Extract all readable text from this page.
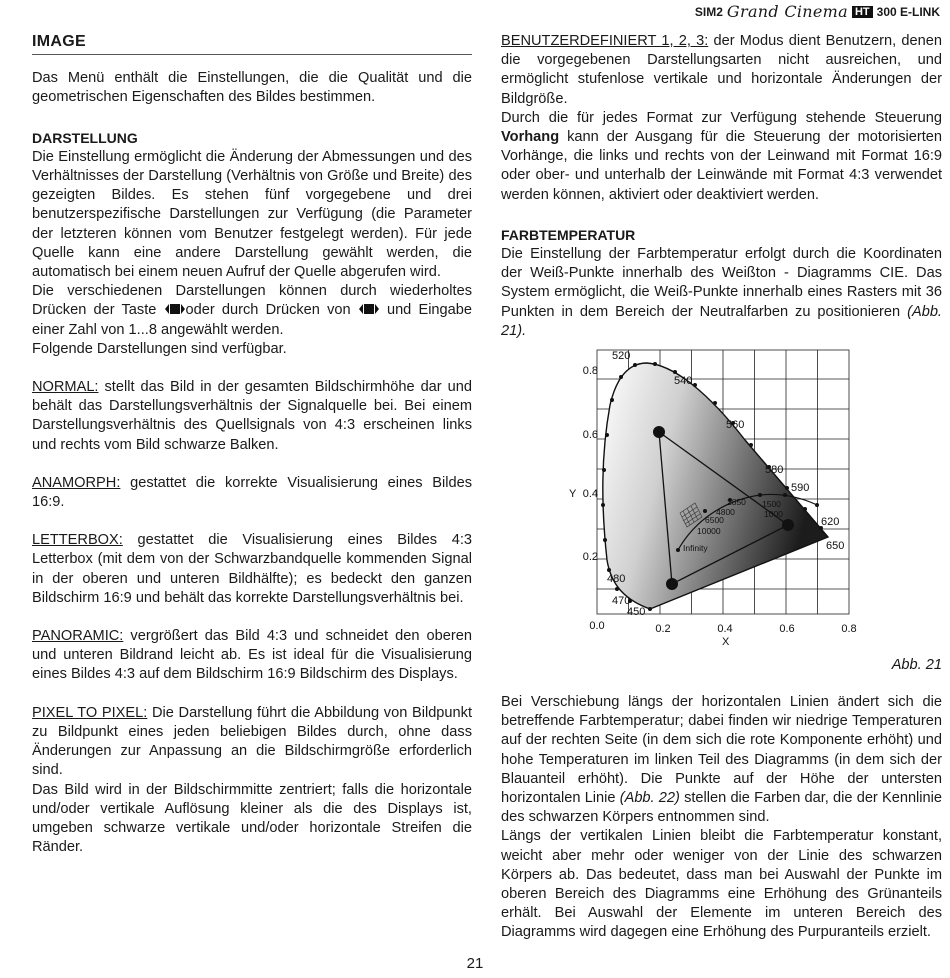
SIM2 Grand Cinema HT 300 E-LINK

IMAGE

Das Menü enthält die Einstellungen, die die Qualität und die geometrischen Eigenschaften des Bildes bestimmen.

DARSTELLUNG

Die Einstellung ermöglicht die Änderung der Abmessungen und des Verhältnisses der Darstellung (Verhältnis von Größe und Breite) des gezeigten Bildes. Es stehen fünf vorgegebene und drei benutzerspezifische Darstellungen zur Verfügung (die Parameter der letzteren können vom Benutzer festgelegt werden). Für jede Quelle kann eine andere Darstellung gewählt werden, die automatisch bei einem neuen Aufruf der Quelle abgerufen wird.

Die verschiedenen Darstellungen können durch wiederholtes Drücken der Taste oder durch Drücken von und Eingabe einer Zahl von 1...8 angewählt werden.

Folgende Darstellungen sind verfügbar.

NORMAL: stellt das Bild in der gesamten Bildschirmhöhe dar und behält das Darstellungsverhältnis der Signalquelle bei. Bei einem Darstellungsverhältnis des Quellsignals von 4:3 erscheinen links und rechts vom Bild schwarze Balken.

ANAMORPH: gestattet die korrekte Visualisierung eines Bildes 16:9.

LETTERBOX: gestattet die Visualisierung eines Bildes 4:3 Letterbox (mit dem von der Schwarzbandquelle kommenden Signal in der oberen und unteren Bildhälfte); es bedeckt den ganzen Bildschirm 16:9 und behält das korrekte Darstellungsverhältnis bei.

PANORAMIC: vergrößert das Bild 4:3 und schneidet den oberen und unteren Bildrand leicht ab. Es ist ideal für die Visualisierung eines Bildes 4:3 auf dem Bildschirm 16:9 Bildschirm des Displays.

PIXEL TO PIXEL: Die Darstellung führt die Abbildung von Bildpunkt zu Bildpunkt eines jeden beliebigen Bildes durch, ohne dass Änderungen zur Anpassung an die Bildschirmgröße erforderlich sind.

Das Bild wird in der Bildschirmmitte zentriert; falls die horizontale und/oder vertikale Auflösung kleiner als die des Displays ist, umgeben schwarze vertikale und/oder horizontale Streifen die Ränder.

BENUTZERDEFINIERT 1, 2, 3: der Modus dient Benutzern, denen die vorgegebenen Darstellungsarten nicht ausreichen, und ermöglicht stufenlose vertikale und horizontale Änderungen der Bildgröße.

Durch die für jedes Format zur Verfügung stehende Steuerung Vorhang kann der Ausgang für die Steuerung der motorisierten Vorhänge, die links und rechts von der Leinwand mit Format 16:9 oder ober- und unterhalb der Leinwände mit Format 4:3 verwendet werden können, aktiviert oder deaktiviert werden.

FARBTEMPERATUR

Die Einstellung der Farbtemperatur erfolgt durch die Koordinaten der Weiß-Punkte innerhalb des Weißton - Diagramms CIE. Das System ermöglicht, die Weiß-Punkte innerhalb eines Rasters mit 36 Punkten in dem Bereich der Neutralfarben zu positionieren (Abb. 21).

520
540
560
580
590
620
650
480
470
450
2850 1500
4800	1000
6500
10000
Infinity
0.8
0.6
0.4
0.2
Y
0.0	0.2	0.4	0.6	0.8
X
Abb. 21

Bei Verschiebung längs der horizontalen Linien ändert sich die betreffende Farbtemperatur; dabei finden wir niedrige Temperaturen auf der rechten Seite (in dem sich die rote Komponente erhöht) und hohe Temperaturen im linken Teil des Diagramms (in dem sich der Blauanteil erhöht). Die Punkte auf der Höhe der untersten horizontalen Linie (Abb. 22) stellen die Farben dar, die der Kennlinie des schwarzen Körpers entnommen sind.

Längs der vertikalen Linien bleibt die Farbtemperatur konstant, weicht aber mehr oder weniger von der Linie des schwarzen Körpers ab. Das bedeutet, dass man bei Auswahl der Punkte im oberen Bereich des Diagramms eine Erhöhung des Grünanteils erhält. Bei Auswahl der Elemente im unteren Bereich des Diagramms wird dagegen eine Erhöhung des Purpuranteils erzielt.

21
